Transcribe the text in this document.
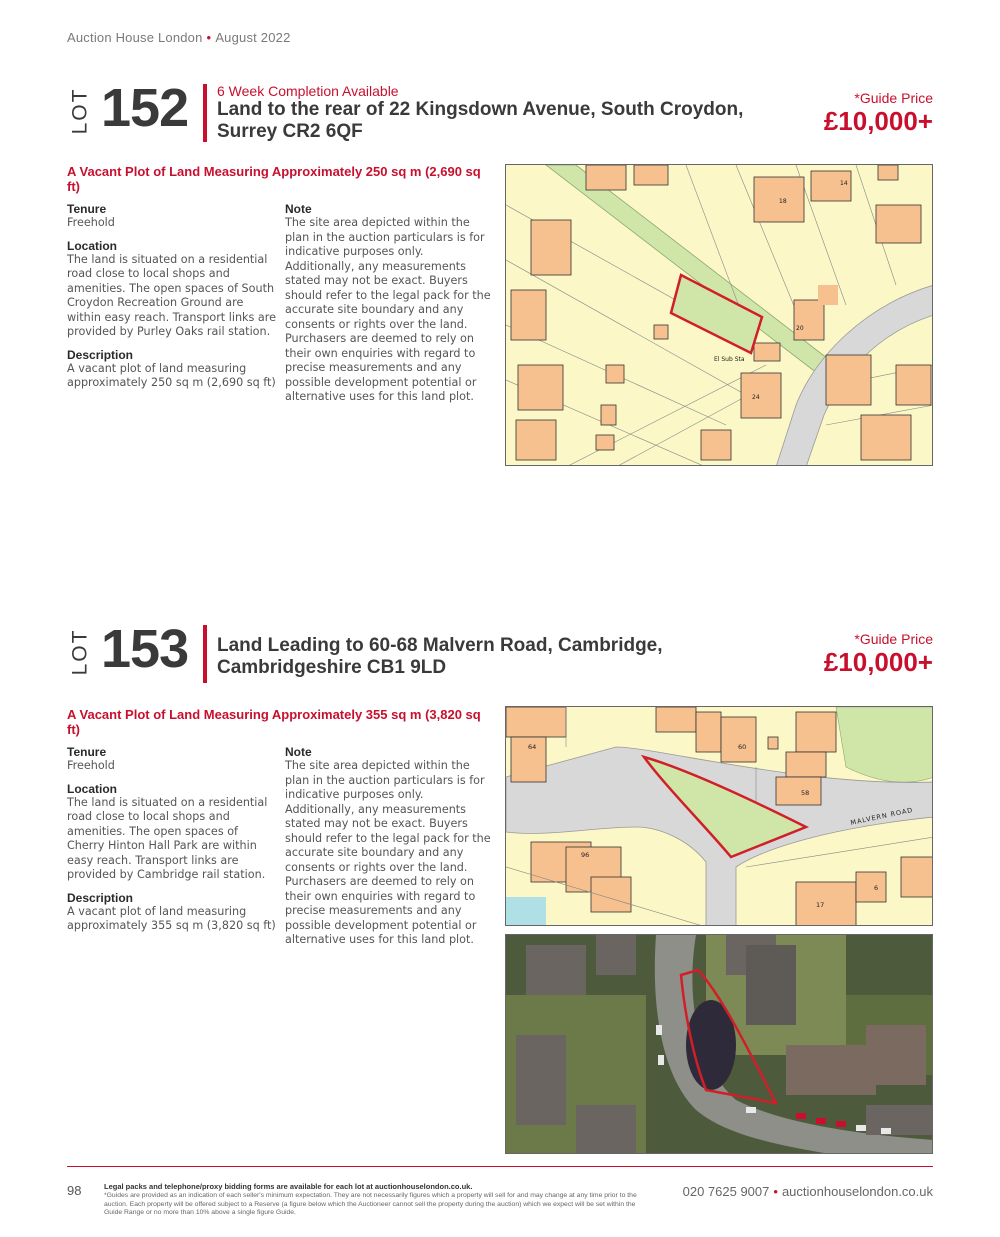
Auction House London • August 2022
LOT 152 6 Week Completion Available
Land to the rear of 22 Kingsdown Avenue, South Croydon,
Surrey CR2 6QF
*Guide Price
£10,000+
A Vacant Plot of Land Measuring Approximately 250 sq m (2,690 sq ft)
Tenure
Freehold
Location
The land is situated on a residential road close to local shops and amenities. The open spaces of South Croydon Recreation Ground are within easy reach. Transport links are provided by Purley Oaks rail station.
Description
A vacant plot of land measuring approximately 250 sq m (2,690 sq ft)
Note
The site area depicted within the plan in the auction particulars is for indicative purposes only. Additionally, any measurements stated may not be exact. Buyers should refer to the legal pack for the accurate site boundary and any consents or rights over the land. Purchasers are deemed to rely on their own enquiries with regard to precise measurements and any possible development potential or alternative uses for this land plot.
14
18
20
24
El Sub Sta
LOT 153 Land Leading to 60-68 Malvern Road, Cambridge,
Cambridgeshire CB1 9LD
*Guide Price
£10,000+
A Vacant Plot of Land Measuring Approximately 355 sq m (3,820 sq ft)
Tenure
Freehold
Location
The land is situated on a residential road close to local shops and amenities. The open spaces of Cherry Hinton Hall Park are within easy reach. Transport links are provided by Cambridge rail station.
Description
A vacant plot of land measuring approximately 355 sq m (3,820 sq ft)
Note
The site area depicted within the plan in the auction particulars is for indicative purposes only. Additionally, any measurements stated may not be exact. Buyers should refer to the legal pack for the accurate site boundary and any consents or rights over the land. Purchasers are deemed to rely on their own enquiries with regard to precise measurements and any possible development potential or alternative uses for this land plot.
MALVERN ROAD
60
64
58
96
6
17
98	Legal packs and telephone/proxy bidding forms are available for each lot at auctionhouselondon.co.uk.
*Guides are provided as an indication of each seller's minimum expectation. They are not necessarily figures which a property will sell for and may change at any time prior to the auction. Each property will be offered subject to a Reserve (a figure below which the Auctioneer cannot sell the property during the auction) which we expect will be set within the Guide Range or no more than 10% above a single figure Guide.
020 7625 9007 • auctionhouselondon.co.uk
